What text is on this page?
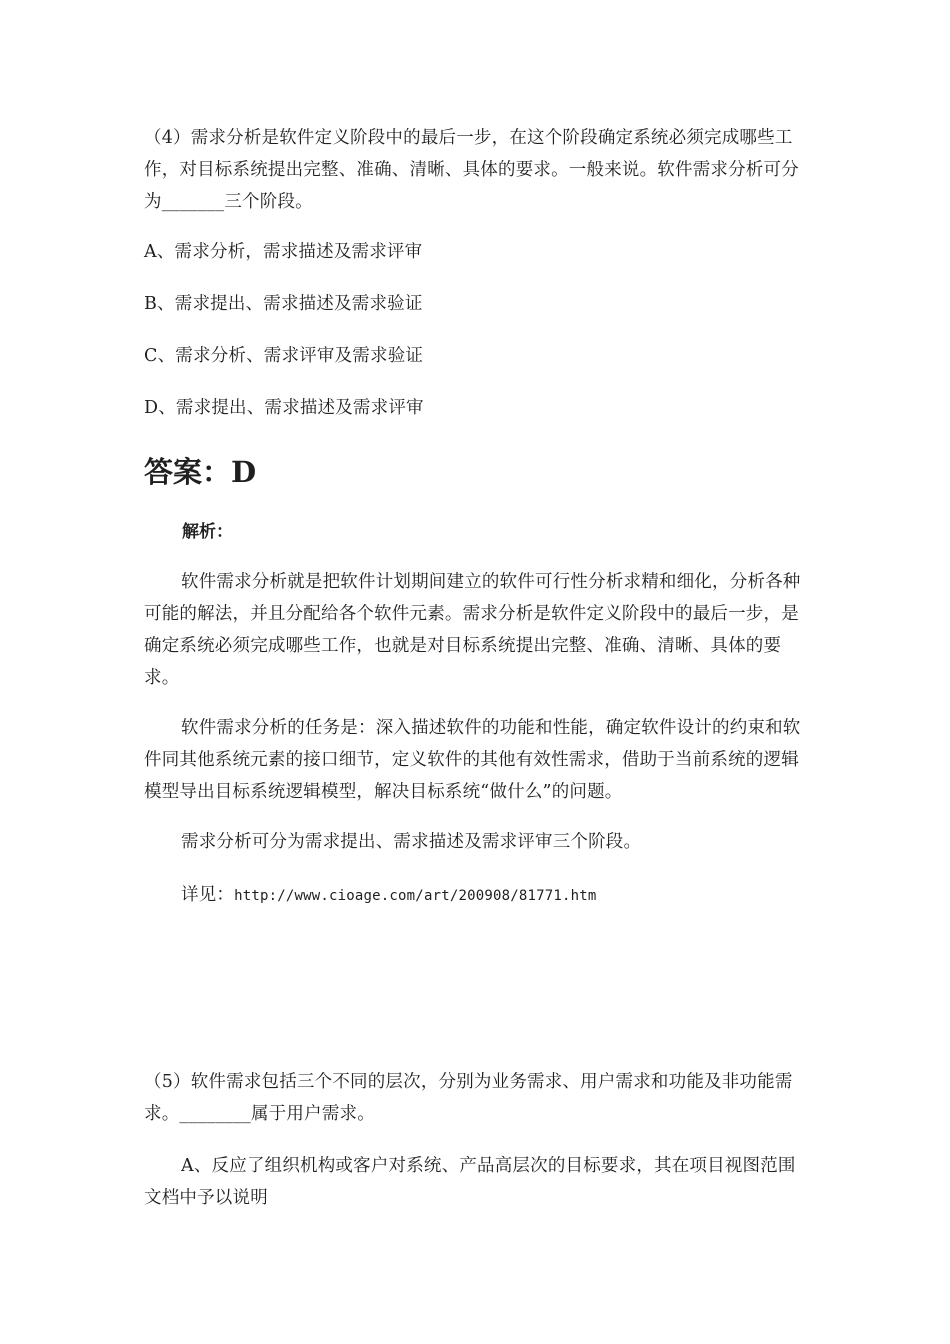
（4）需求分析是软件定义阶段中的最后一步，在这个阶段确定系统必须完成哪些工作，对目标系统提出完整、准确、清晰、具体的要求。一般来说。软件需求分析可分为_______三个阶段。

A、需求分析，需求描述及需求评审

B、需求提出、需求描述及需求验证

C、需求分析、需求评审及需求验证

D、需求提出、需求描述及需求评审

答案：D

解析：

软件需求分析就是把软件计划期间建立的软件可行性分析求精和细化，分析各种可能的解法，并且分配给各个软件元素。需求分析是软件定义阶段中的最后一步，是确定系统必须完成哪些工作，也就是对目标系统提出完整、准确、清晰、具体的要求。

软件需求分析的任务是：深入描述软件的功能和性能，确定软件设计的约束和软件同其他系统元素的接口细节，定义软件的其他有效性需求，借助于当前系统的逻辑模型导出目标系统逻辑模型，解决目标系统“做什么”的问题。

需求分析可分为需求提出、需求描述及需求评审三个阶段。

详见：http://www.cioage.com/art/200908/81771.htm

（5）软件需求包括三个不同的层次，分别为业务需求、用户需求和功能及非功能需求。________属于用户需求。

A、反应了组织机构或客户对系统、产品高层次的目标要求，其在项目视图范围文档中予以说明
